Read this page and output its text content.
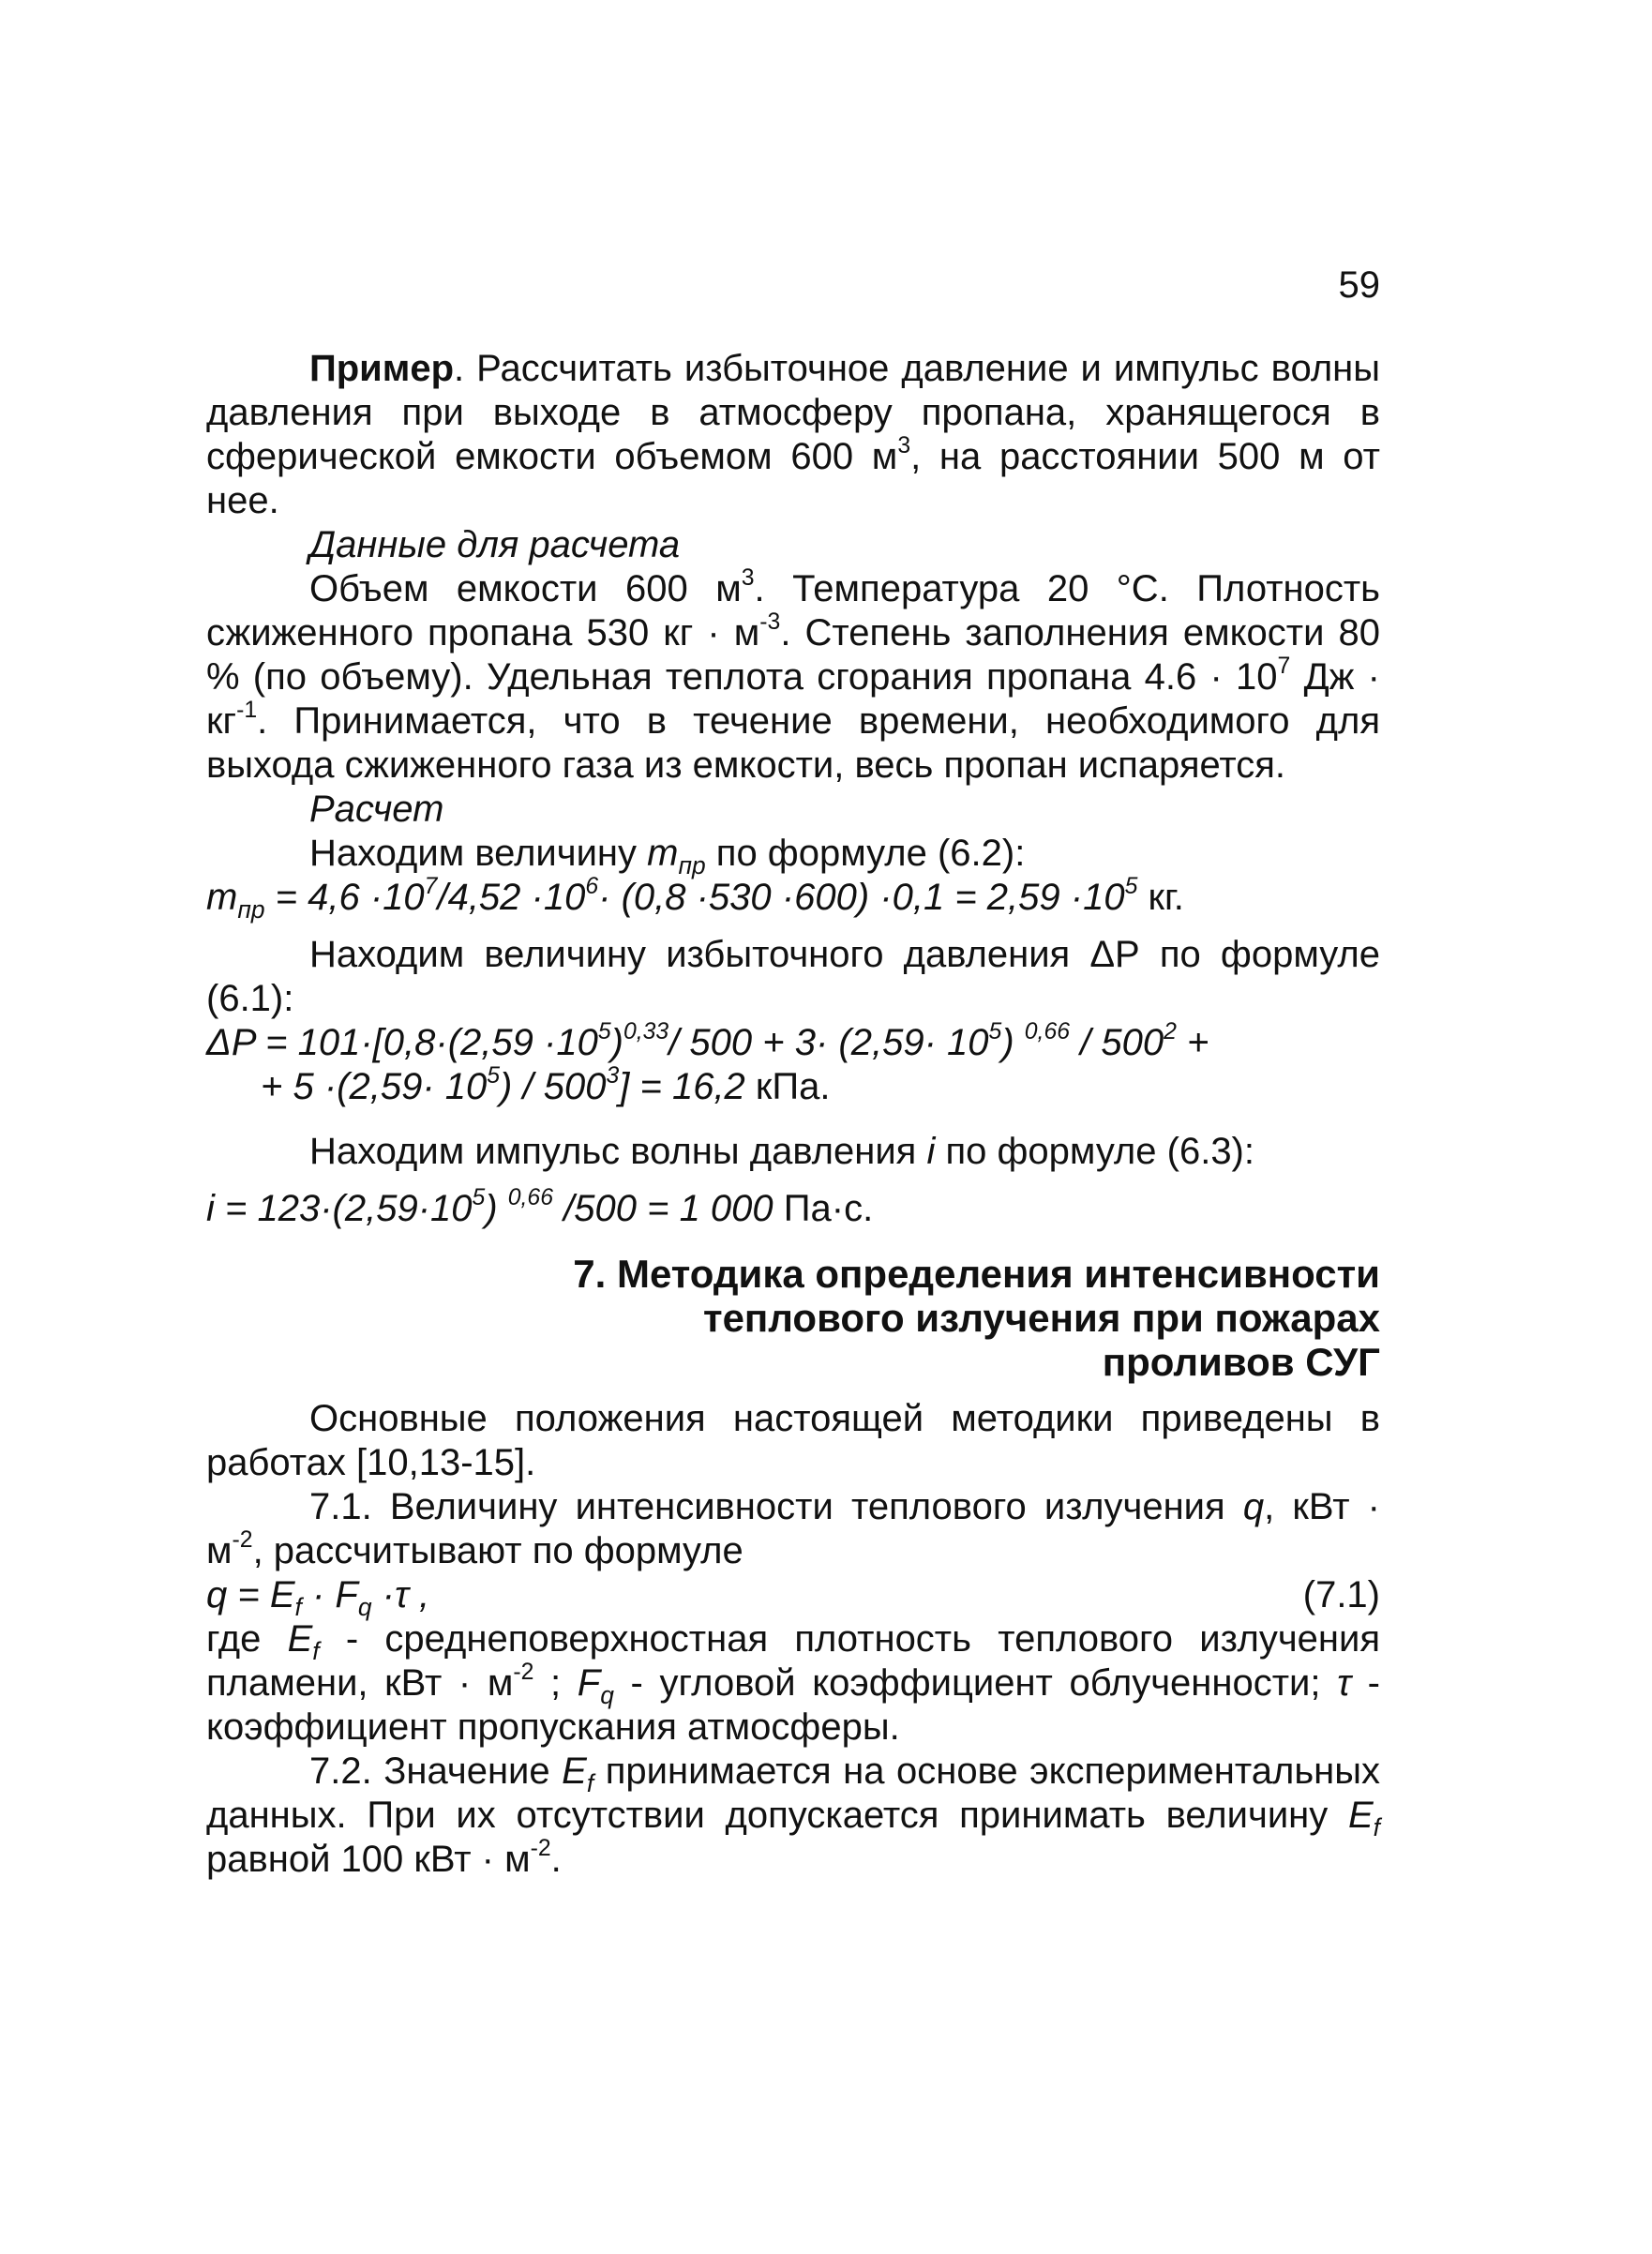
59

Пример. Рассчитать избыточное давление и импульс волны давления при выходе в атмосферу пропана, хранящегося в сферической емкости объемом 600 $м^3$, на расстоянии 500 м от нее.

Данные для расчета

Объем емкости 600 $м^3$. Температура 20 °С. Плотность сжиженного пропана 530 кг · $м^{-3}$. Степень заполнения емкости 80 % (по объему). Удельная теплота сгорания пропана $4.6 \cdot 10^7$ Дж · $кг^{-1}$. Принимается, что в течение времени, необходимого для выхода сжиженного газа из емкости, весь пропан испаряется.

Расчет

Находим величину $m_{пр}$ по формуле (6.2):

$m_{пр} = 4,6 \cdot 10^7/4,52 \cdot 10^6\cdot (0,8 \cdot 530 \cdot 600) \cdot 0,1 = 2,59 \cdot 10^5$ кг.

Находим величину избыточного давления ΔР по формуле (6.1):

$\Delta P = 101\cdot[0,8\cdot(2,59 \cdot 10^5)^{0,33}/$ $500 + 3\cdot (2,59\cdot 10^5)$ $^{0,66} / 500^2$ +

+ $5 \cdot(2,59\cdot 10^5) / 500^3] = 16,2$ кПа.

Находим импульс волны давления i по формуле (6.3):

$i = 123\cdot(2,59\cdot 10^5)$ $^{0,66}$ /500 = 1 000 Па·с.

7. Методика определения интенсивности

теплового излучения при пожарах

проливов СУГ

Основные положения настоящей методики приведены в работах [10,13-15].

7.1. Величину интенсивности теплового излучения q, кВт · $м^{-2}$, рассчитывают по формуле

$q = E_f \cdot F_q \cdot\tau$ ,	(7.1)

где $E_f$ - среднеповерхностная плотность теплового излучения пламени, кВт · $м^{-2}$ ; $F_q$ - угловой коэффициент облученности; τ - коэффициент пропускания атмосферы.

7.2. Значение $E_f$ принимается на основе экспериментальных данных. При их отсутствии допускается принимать величину $E_f$ равной 100 кВт · $м^{-2}$.
